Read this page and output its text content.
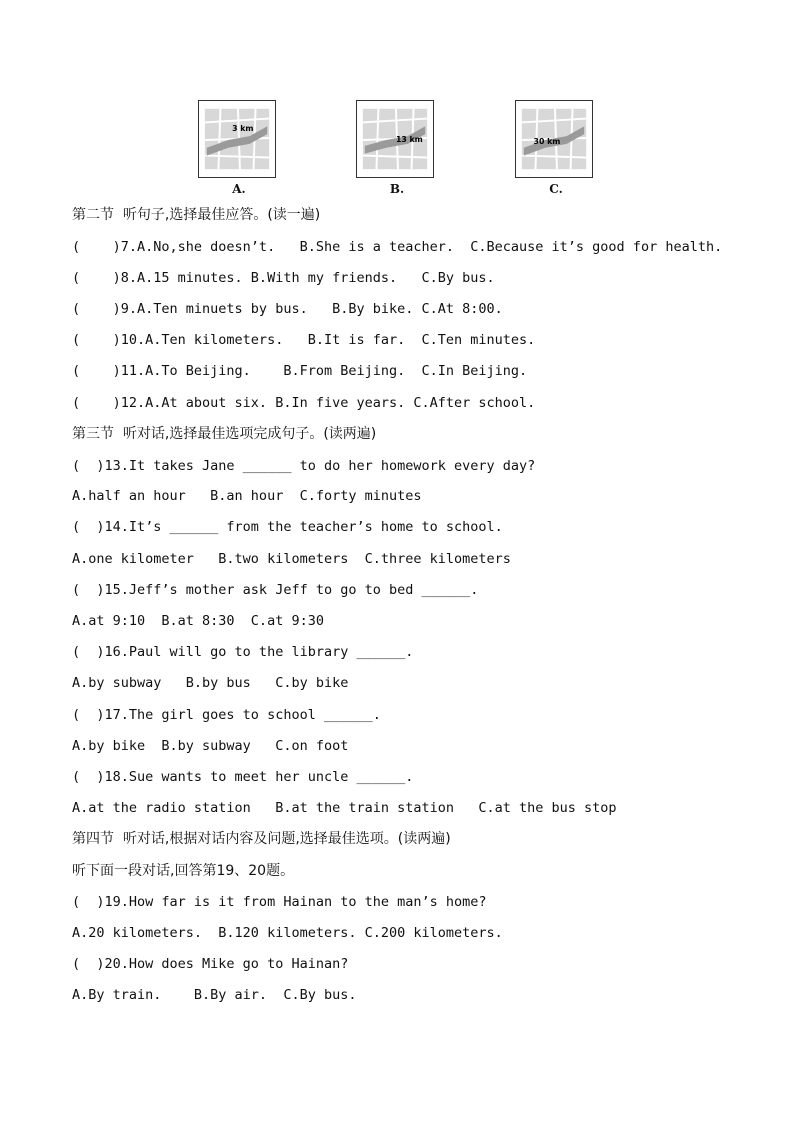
3 km
A.
13 km
B.
30 km
C.
第二节  听句子,选择最佳应答。(读一遍)
(    )7.A.No,she doesn’t.   B.She is a teacher.  C.Because it’s good for health.
(    )8.A.15 minutes. B.With my friends.   C.By bus.
(    )9.A.Ten minuets by bus.   B.By bike. C.At 8:00.
(    )10.A.Ten kilometers.   B.It is far.  C.Ten minutes.
(    )11.A.To Beijing.    B.From Beijing.  C.In Beijing.
(    )12.A.At about six. B.In five years. C.After school.
第三节  听对话,选择最佳选项完成句子。(读两遍)
(  )13.It takes Jane ______ to do her homework every day?
A.half an hour   B.an hour  C.forty minutes
(  )14.It’s ______ from the teacher’s home to school.
A.one kilometer   B.two kilometers  C.three kilometers
(  )15.Jeff’s mother ask Jeff to go to bed ______.
A.at 9:10  B.at 8:30  C.at 9:30
(  )16.Paul will go to the library ______.
A.by subway   B.by bus   C.by bike
(  )17.The girl goes to school ______.
A.by bike  B.by subway   C.on foot
(  )18.Sue wants to meet her uncle ______.
A.at the radio station   B.at the train station   C.at the bus stop
第四节  听对话,根据对话内容及问题,选择最佳选项。(读两遍)
听下面一段对话,回答第19、20题。
(  )19.How far is it from Hainan to the man’s home?
A.20 kilometers.  B.120 kilometers. C.200 kilometers.
(  )20.How does Mike go to Hainan?
A.By train.    B.By air.  C.By bus.
